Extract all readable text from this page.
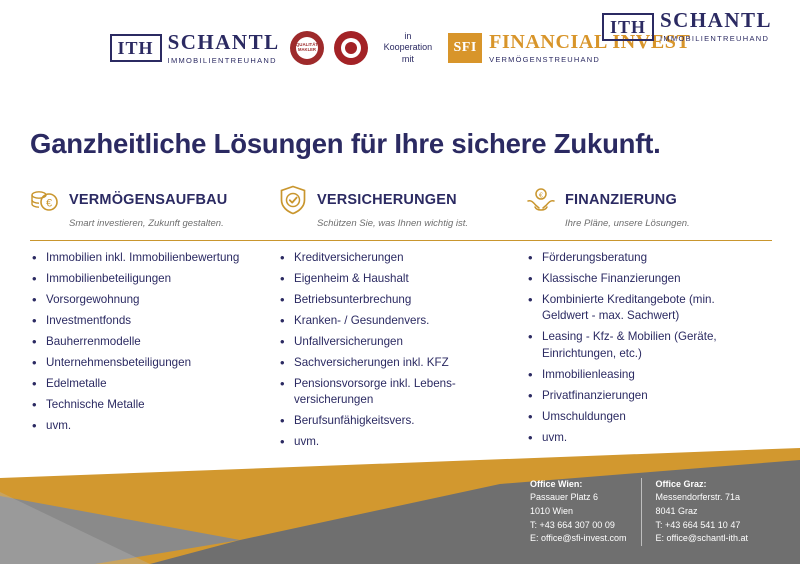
ITH SCHANTL
IMMOBILIENTREUHAND
QUALITÄT
MAKLER
in
Kooperation
mit
SFI FINANCIAL INVEST
VERMÖGENSTREUHAND
ITH SCHANTL
IMMOBILIENTREUHAND
Ganzheitliche Lösungen für Ihre sichere Zukunft.
€ VERMÖGENSAUFBAU
Smart investieren, Zukunft gestalten.
VERSICHERUNGEN
Schützen Sie, was Ihnen wichtig ist.
€ FINANZIERUNG
Ihre Pläne, unsere Lösungen.
• Immobilien inkl. Immobilienbewertung
• Immobilienbeteiligungen
• Vorsorgewohnung
• Investmentfonds
• Bauherrenmodelle
• Unternehmensbeteiligungen
• Edelmetalle
• Technische Metalle
• uvm.
• Kreditversicherungen
• Eigenheim & Haushalt
• Betriebsunterbrechung
• Kranken- / Gesundenvers.
• Unfallversicherungen
• Sachversicherungen inkl. KFZ
• Pensionsvorsorge inkl. Lebens-versicherungen
• Berufsunfähigkeitsvers.
• uvm.
• Förderungsberatung
• Klassische Finanzierungen
• Kombinierte Kreditangebote (min. Geldwert - max. Sachwert)
• Leasing - Kfz- & Mobilien (Geräte, Einrichtungen, etc.)
• Immobilienleasing
• Privatfinanzierungen
• Umschuldungen
• uvm.
Office Wien:
Passauer Platz 6
1010 Wien
T: +43 664 307 00 09
E: office@sfi-invest.com
Office Graz:
Messendorferstr. 71a
8041 Graz
T: +43 664 541 10 47
E: office@schantl-ith.at
